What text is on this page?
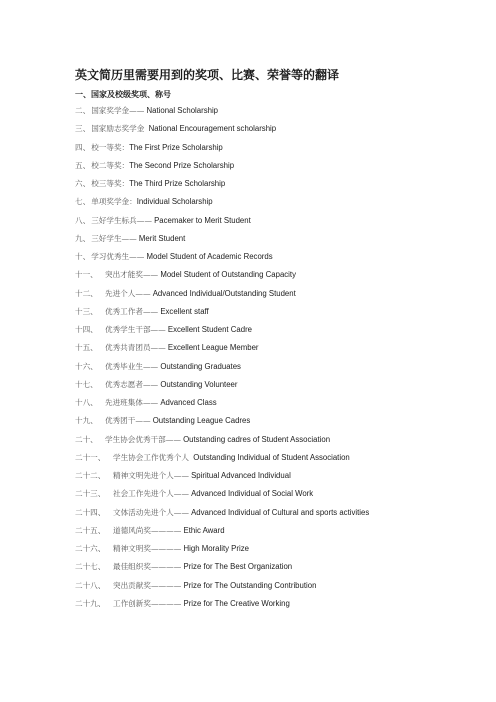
英文简历里需要用到的奖项、比赛、荣誉等的翻译
一、国家及校级奖项、称号
二、国家奖学金—— National Scholarship
三、国家励志奖学金  National Encouragement scholarship
四、校一等奖：The First Prize Scholarship
五、校二等奖：The Second Prize Scholarship
六、校三等奖：The Third Prize Scholarship
七、单项奖学金：Individual Scholarship
八、三好学生标兵—— Pacemaker to Merit Student
九、三好学生—— Merit Student
十、学习优秀生—— Model Student of Academic Records
十一、 突出才能奖—— Model Student of Outstanding Capacity
十二、 先进个人—— Advanced Individual/Outstanding Student
十三、 优秀工作者—— Excellent staff
十四、 优秀学生干部—— Excellent Student Cadre
十五、 优秀共青团员—— Excellent League Member
十六、 优秀毕业生—— Outstanding Graduates
十七、 优秀志愿者—— Outstanding Volunteer
十八、 先进班集体—— Advanced Class
十九、 优秀团干—— Outstanding League Cadres
二十、 学生协会优秀干部—— Outstanding cadres of Student Association
二十一、 学生协会工作优秀个人  Outstanding Individual of Student Association
二十二、 精神文明先进个人—— Spiritual Advanced Individual
二十三、 社会工作先进个人—— Advanced Individual of Social Work
二十四、 文体活动先进个人—— Advanced Individual of Cultural and sports activities
二十五、 道德风尚奖———— Ethic Award
二十六、 精神文明奖———— High Morality Prize
二十七、 最佳组织奖———— Prize for The Best Organization
二十八、 突出贡献奖———— Prize for The Outstanding Contribution
二十九、 工作创新奖———— Prize for The Creative Working
